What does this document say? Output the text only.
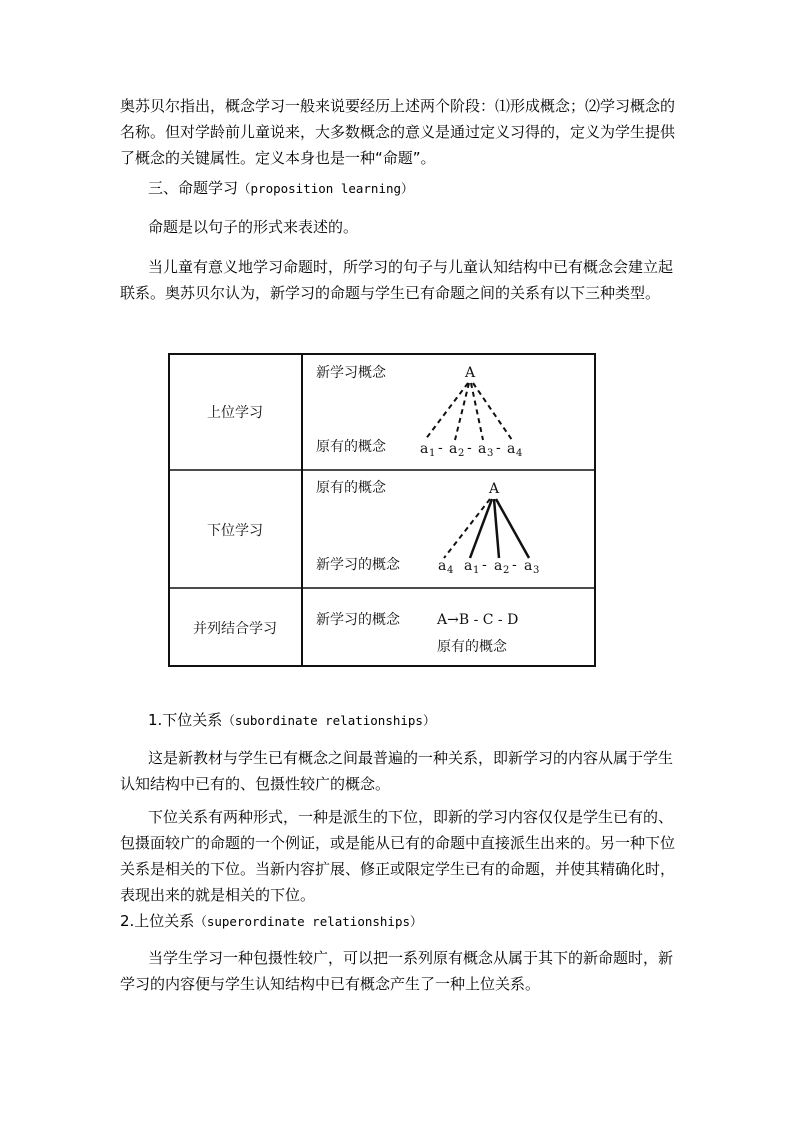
奥苏贝尔指出，概念学习一般来说要经历上述两个阶段：⑴形成概念；⑵学习概念的名称。但对学龄前儿童说来，大多数概念的意义是通过定义习得的，定义为学生提供了概念的关键属性。定义本身也是一种“命题”。

三、命题学习（proposition learning）

命题是以句子的形式来表述的。

当儿童有意义地学习命题时，所学习的句子与儿童认知结构中已有概念会建立起联系。奥苏贝尔认为，新学习的命题与学生已有命题之间的关系有以下三种类型。

上位学习
新学习概念
原有的概念
A
a 1 - a 2 - a 3 - a 4
下位学习
原有的概念
新学习的概念
A
a 4 a 1 - a 2 - a 3
并列结合学习
新学习的概念	A→B - C - D
原有的概念
1.下位关系（subordinate relationships）

这是新教材与学生已有概念之间最普遍的一种关系，即新学习的内容从属于学生认知结构中已有的、包摄性较广的概念。

下位关系有两种形式，一种是派生的下位，即新的学习内容仅仅是学生已有的、包摄面较广的命题的一个例证，或是能从已有的命题中直接派生出来的。另一种下位关系是相关的下位。当新内容扩展、修正或限定学生已有的命题，并使其精确化时，表现出来的就是相关的下位。

2.上位关系（superordinate relationships）

当学生学习一种包摄性较广，可以把一系列原有概念从属于其下的新命题时，新学习的内容便与学生认知结构中已有概念产生了一种上位关系。
